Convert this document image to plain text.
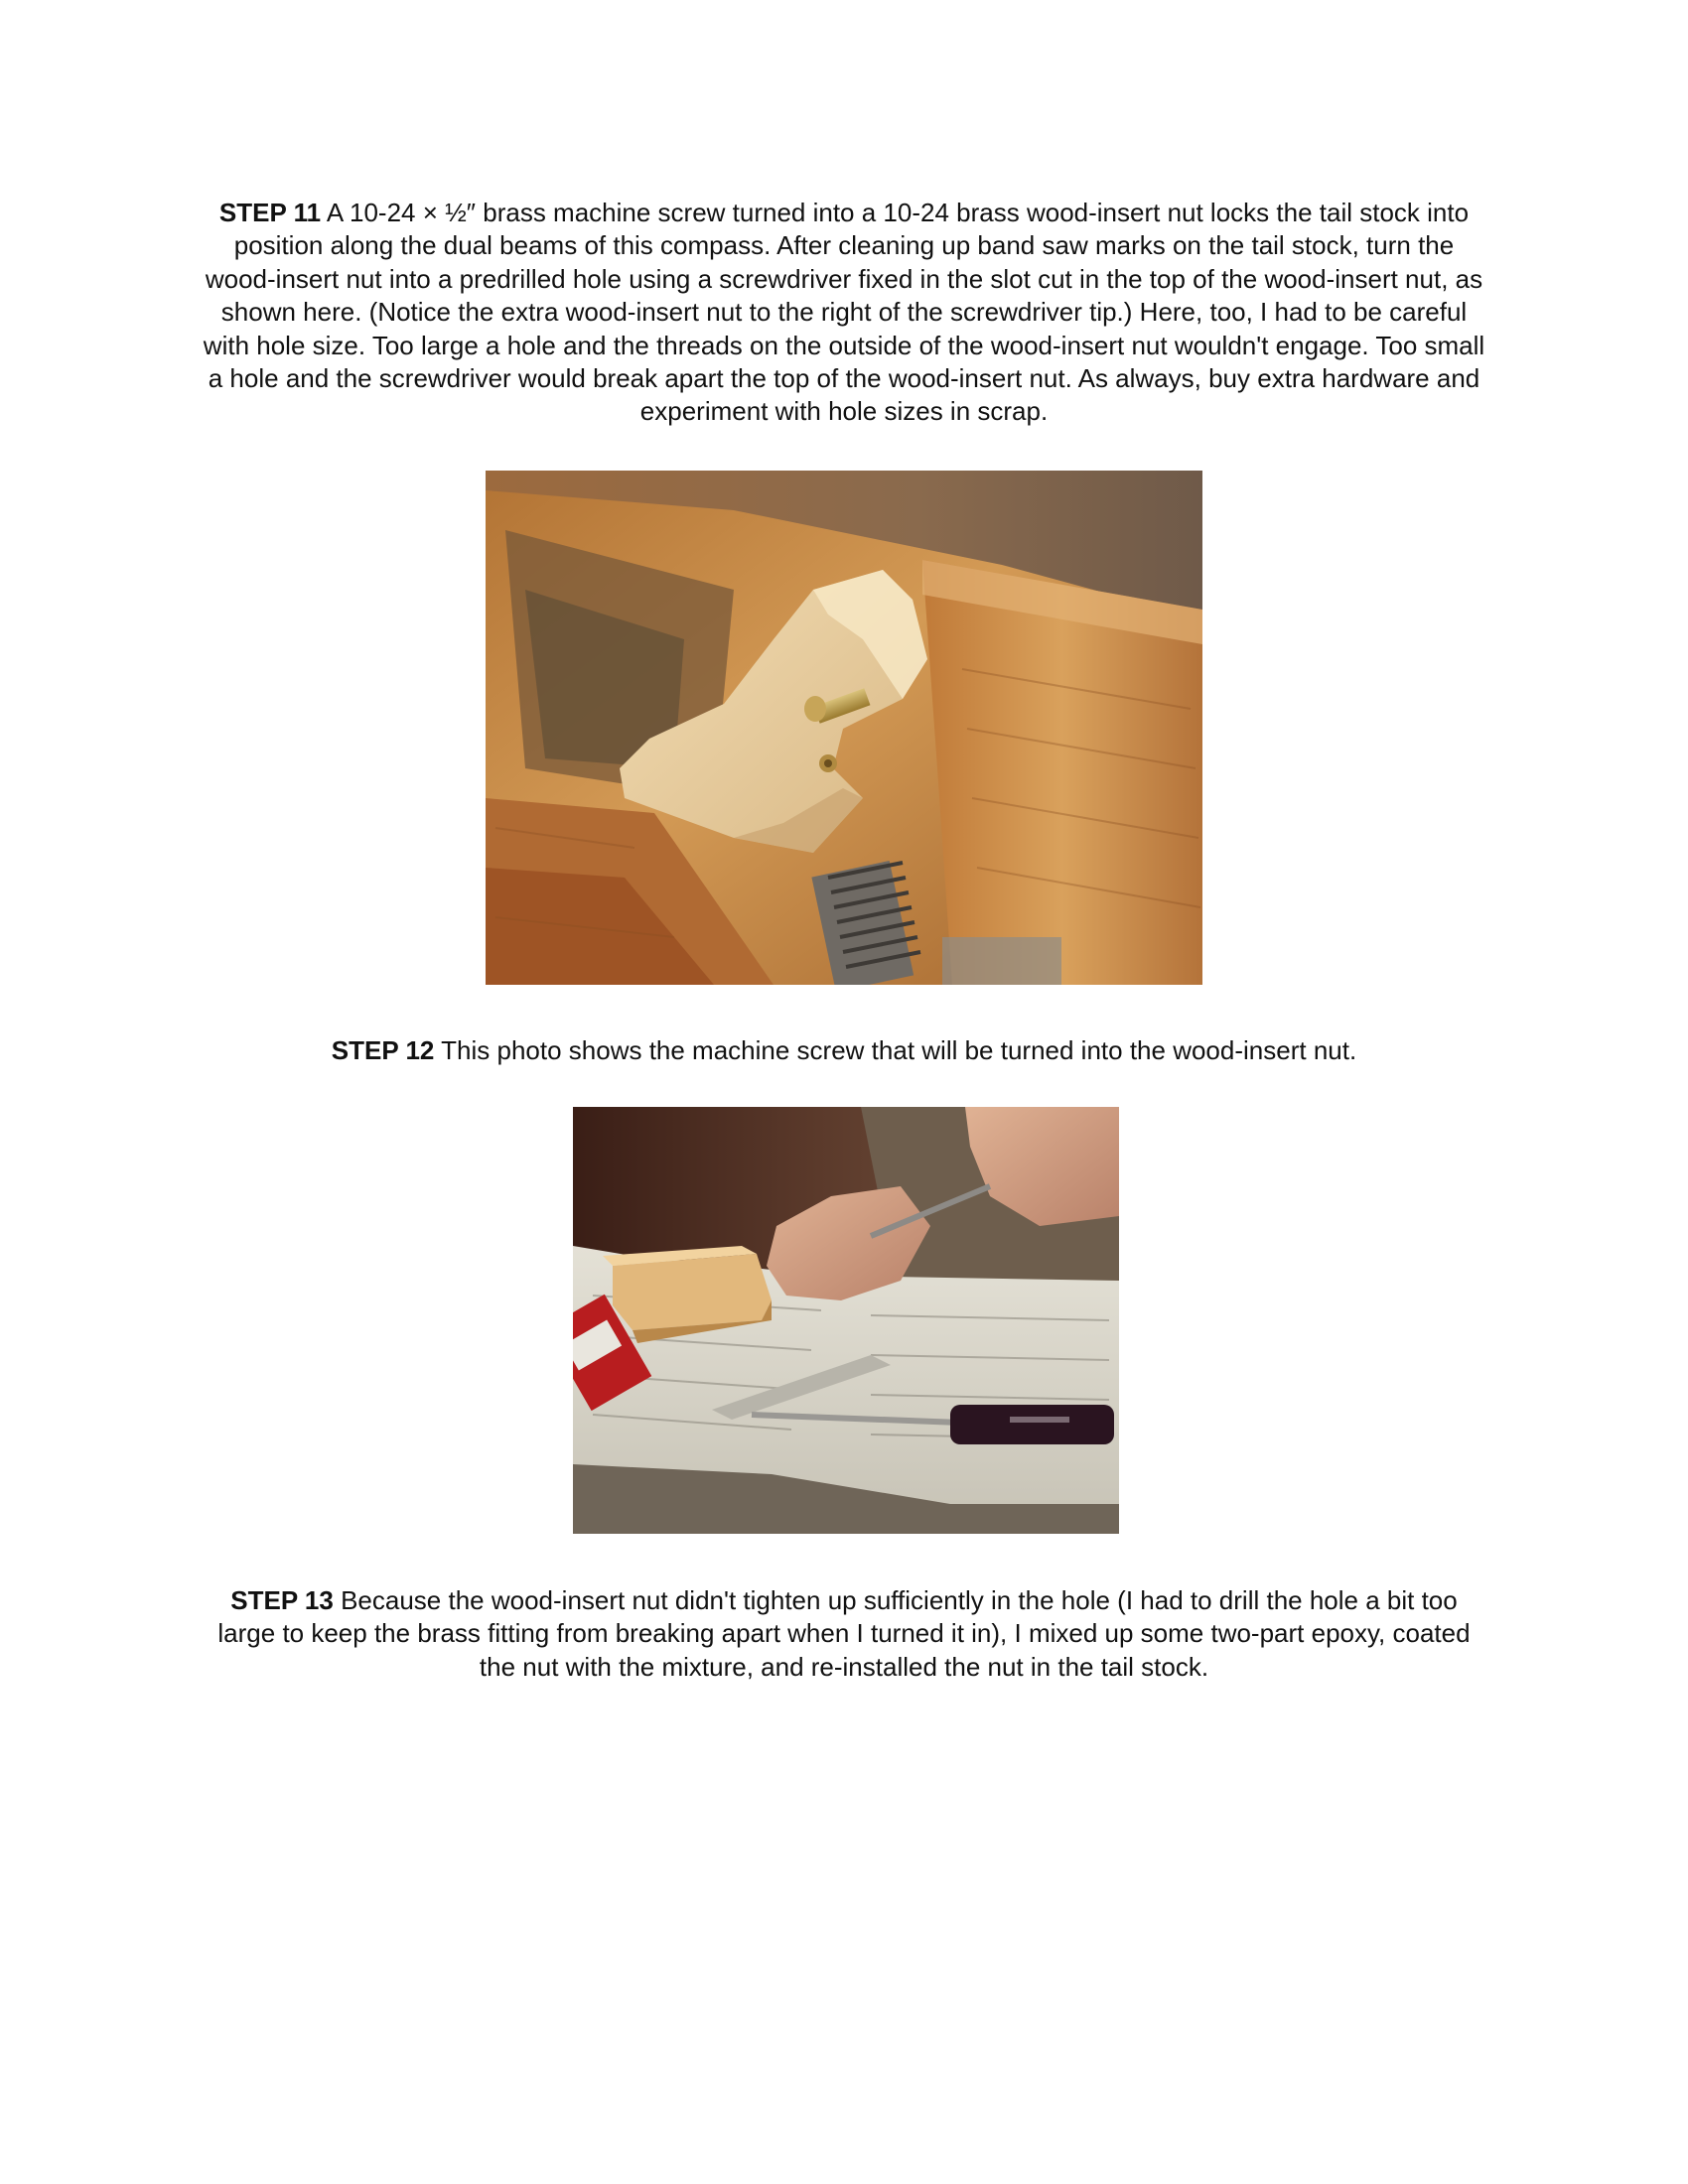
STEP 11 A 10-24 × ½″ brass machine screw turned into a 10-24 brass wood-insert nut locks the tail stock into position along the dual beams of this compass. After cleaning up band saw marks on the tail stock, turn the wood-insert nut into a predrilled hole using a screwdriver fixed in the slot cut in the top of the wood-insert nut, as shown here. (Notice the extra wood-insert nut to the right of the screwdriver tip.) Here, too, I had to be careful with hole size. Too large a hole and the threads on the outside of the wood-insert nut wouldn't engage. Too small a hole and the screwdriver would break apart the top of the wood-insert nut. As always, buy extra hardware and experiment with hole sizes in scrap.
STEP 12 This photo shows the machine screw that will be turned into the wood-insert nut.
STEP 13 Because the wood-insert nut didn't tighten up sufficiently in the hole (I had to drill the hole a bit too large to keep the brass fitting from breaking apart when I turned it in), I mixed up some two-part epoxy, coated the nut with the mixture, and re-installed the nut in the tail stock.
